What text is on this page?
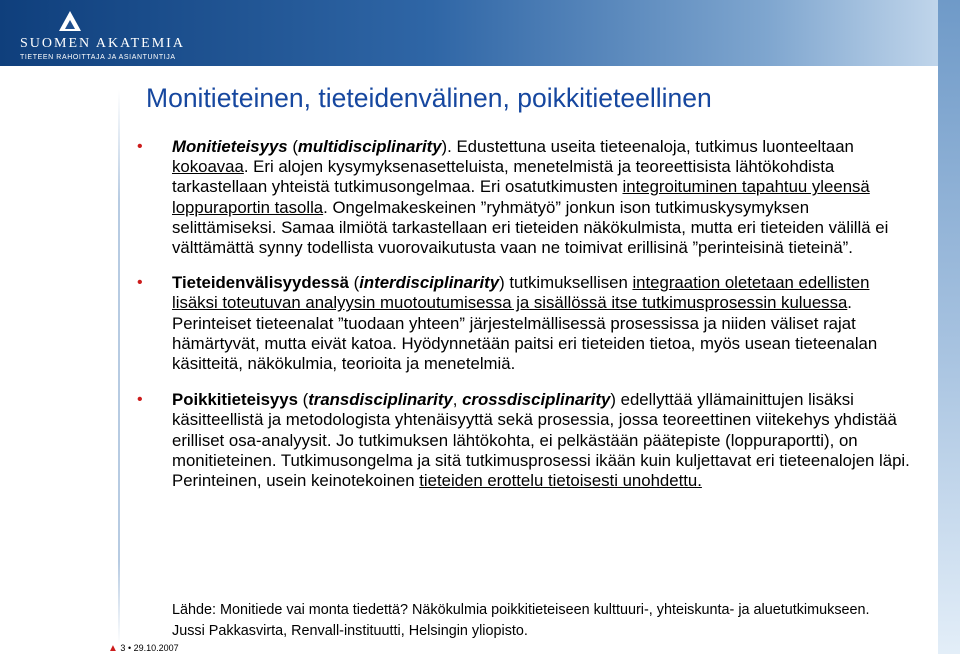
SUOMEN AKATEMIA
TIETEEN RAHOITTAJA JA ASIANTUNTIJA
Monitieteinen, tieteidenvälinen, poikkitieteellinen
• Monitieteisyys (multidisciplinarity). Edustettuna useita tieteenaloja, tutkimus luonteeltaan kokoavaa. Eri alojen kysymyksenasetteluista, menetelmistä ja teoreettisista lähtökohdista tarkastellaan yhteistä tutkimusongelmaa. Eri osatutkimusten integroituminen tapahtuu yleensä loppuraportin tasolla. Ongelmakeskeinen ”ryhmätyö” jonkun ison tutkimuskysymyksen selittämiseksi. Samaa ilmiötä tarkastellaan eri tieteiden näkökulmista, mutta eri tieteiden välillä ei välttämättä synny todellista vuorovaikutusta vaan ne toimivat erillisinä ”perinteisinä tieteinä”.
• Tieteidenvälisyydessä (interdisciplinarity) tutkimuksellisen integraation oletetaan edellisten lisäksi toteutuvan analyysin muotoutumisessa ja sisällössä itse tutkimusprosessin kuluessa. Perinteiset tieteenalat ”tuodaan yhteen” järjestelmällisessä prosessissa ja niiden väliset rajat hämärtyvät, mutta eivät katoa. Hyödynnetään paitsi eri tieteiden tietoa, myös usean tieteenalan käsitteitä, näkökulmia, teorioita ja menetelmiä.
• Poikkitieteisyys (transdisciplinarity, crossdisciplinarity) edellyttää yllämainittujen lisäksi käsitteellistä ja metodologista yhtenäisyyttä sekä prosessia, jossa teoreettinen viitekehys yhdistää erilliset osa-analyysit. Jo tutkimuksen lähtökohta, ei pelkästään päätepiste (loppuraportti), on monitieteinen. Tutkimusongelma ja sitä tutkimusprosessi ikään kuin kuljettavat eri tieteenalojen läpi. Perinteinen, usein keinotekoinen tieteiden erottelu tietoisesti unohdettu.

Lähde: Monitiede vai monta tiedettä? Näkökulmia poikkitieteiseen kulttuuri-, yhteiskunta- ja aluetutkimukseen. Jussi Pakkasvirta, Renvall-instituutti, Helsingin yliopisto.

▲ 3 • 29.10.2007
